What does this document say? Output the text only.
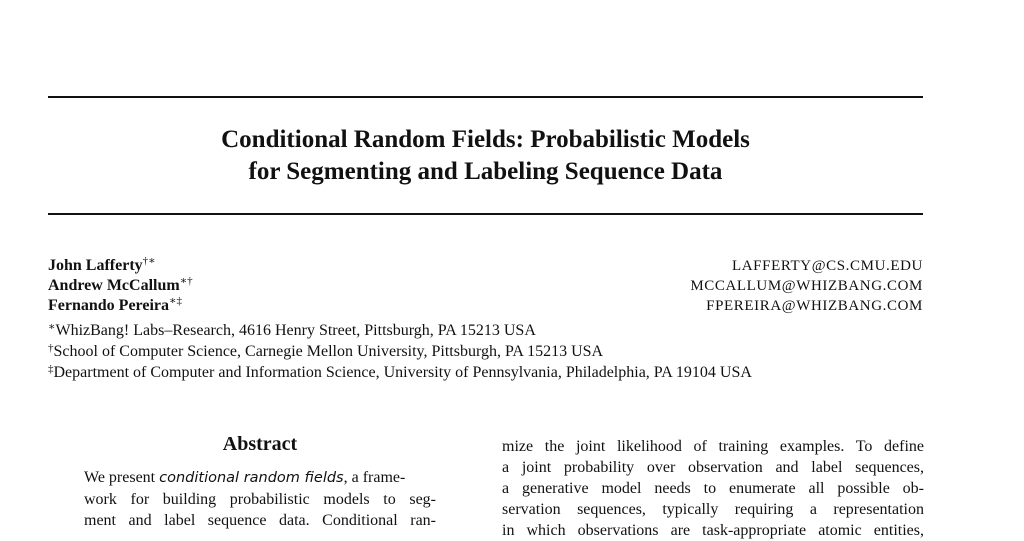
Conditional Random Fields: Probabilistic Models
for Segmenting and Labeling Sequence Data
John Lafferty†∗	LAFFERTY@CS.CMU.EDU
Andrew McCallum∗†	MCCALLUM@WHIZBANG.COM
Fernando Pereira∗‡	FPEREIRA@WHIZBANG.COM
∗WhizBang! Labs–Research, 4616 Henry Street, Pittsburgh, PA 15213 USA
†School of Computer Science, Carnegie Mellon University, Pittsburgh, PA 15213 USA
‡Department of Computer and Information Science, University of Pennsylvania, Philadelphia, PA 19104 USA
Abstract
We present conditional random fields, a frame-
work for building probabilistic models to seg-
ment and label sequence data. Conditional ran-
mize the joint likelihood of training examples. To define
a joint probability over observation and label sequences,
a generative model needs to enumerate all possible ob-
servation sequences, typically requiring a representation
in which observations are task-appropriate atomic entities,
